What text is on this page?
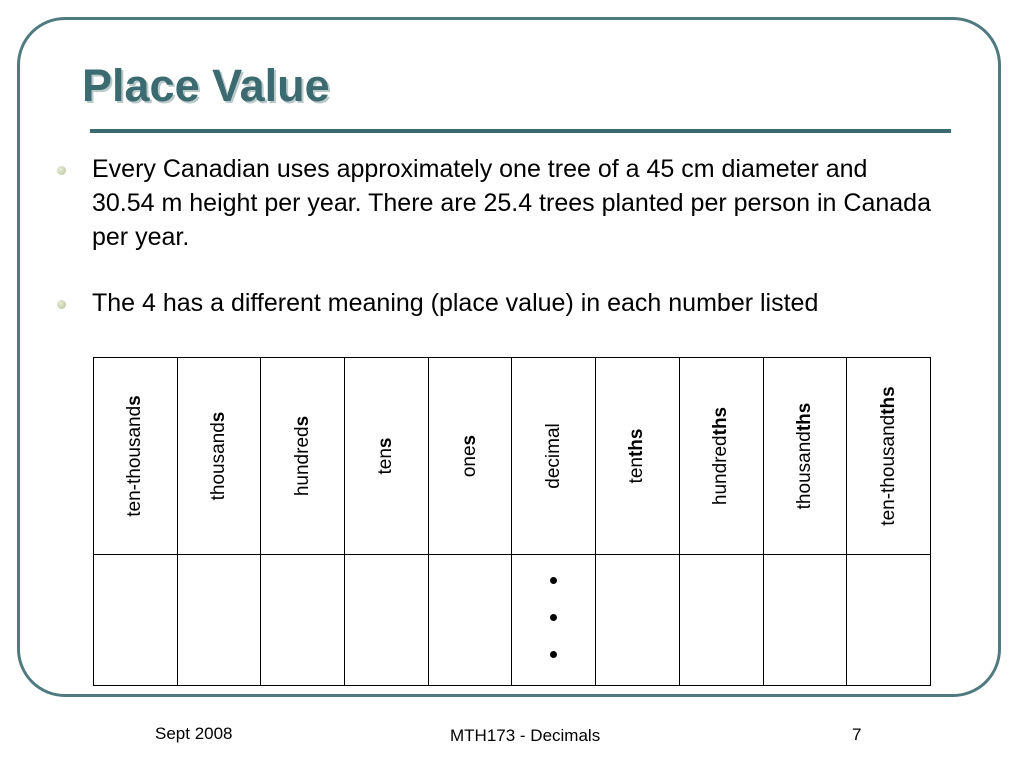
Place Value
Every Canadian uses approximately one tree of a 45 cm diameter and 30.54 m height per year. There are 25.4 trees planted per person in Canada per year.
The 4 has a different meaning (place value) in each number listed
ten-thousands	thousands	hundreds	tens	ones	decimal	tenths	hundredths	thousandths	ten-thousandths

Sept 2008	MTH173 - Decimals	7
